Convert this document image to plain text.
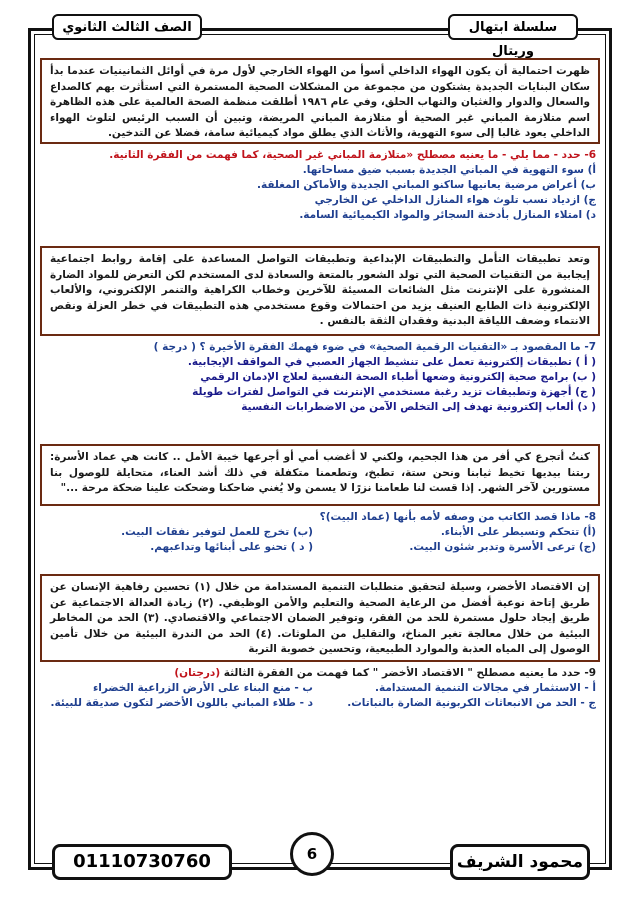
سلسلة ابتهال وريتال
الصف الثالث الثانوي

ظهرت احتمالية أن يكون الهواء الداخلي أسوأ من الهواء الخارجي لأول مرة في أوائل الثمانينيات عندما بدأ سكان البنايات الجديدة يشتكون من مجموعة من المشكلات الصحية المستمرة التي استأثرت بهم كالصداع والسعال والدوار والغثيان والتهاب الحلق، وفي عام ١٩٨٦ أطلقت منظمة الصحة العالمية على هذه الظاهرة اسم متلازمة المباني غير الصحية أو متلازمة المباني المريضة، وتبين أن السبب الرئيس لتلوث الهواء الداخلي يعود غالبا إلى سوء التهوية، والأثاث الذي يطلق مواد كيميائية سامة، فضلا عن التدخين.

6- حدد - مما يلي - ما يعنيه مصطلح «متلازمة المباني غير الصحية، كما فهمت من الفقرة الثانية.
أ) سوء التهوية في المباني الجديدة بسبب ضيق مساحاتها.
ب) أعراض مرضية يعانيها ساكنو المباني الجديدة والأماكن المغلقة.
ج) ازدياد نسب تلوث هواء المنازل الداخلي عن الخارجي
د) امتلاء المنازل بأدخنة السجائر والمواد الكيميائية السامة.

وتعد تطبيقات التأمل والتطبيقات الإبداعية وتطبيقات التواصل المساعدة على إقامة روابط اجتماعية إيجابية من التقنيات الصحية التي تولد الشعور بالمتعة والسعادة لدى المستخدم لكن التعرض للمواد الضارة المنشورة على الإنترنت مثل الشائعات المسيئة للآخرين وخطاب الكراهية والتنمر الإلكتروني، والألعاب الإلكترونية ذات الطابع العنيف يزيد من احتمالات وقوع مستخدمي هذه التطبيقات في خطر العزلة ونقص الانتماء وضعف اللياقة البدنية وفقدان الثقة بالنفس .

7- ما المقصود بـ «التقنيات الرقمية الصحية» في ضوء فهمك الفقرة الأخيرة ؟ ( درجة )
( أ ) تطبيقات إلكترونية تعمل على تنشيط الجهاز العصبي في المواقف الإيجابية.
( ب) برامج صحية إلكترونية وضعها أطباء الصحة النفسية لعلاج الإدمان الرقمي
( ج) أجهزة وتطبيقات تزيد رغبة مستخدمي الإنترنت في التواصل لفترات طويلة
( د) ألعاب إلكترونية تهدف إلى التخلص الآمن من الاضطرابات النفسية

كنتُ أتجرع كي أفر من هذا الجحيم، ولكني لا أغضب أمي أو أجرعها خيبة الأمل .. كانت هي عماد الأسرة: ربتنا بيديها تخيط ثيابنا ونحن ستة، تطبخ، وتطعمنا متكفلة في ذلك أشد العناء، متحايلة للوصول بنا مستورين لآخر الشهر. إذا قست لنا طعامنا نزرًا لا يسمن ولا يُغني ضاحكنا وضحكت علينا ضحكة مرحة ..."

8- ماذا قصد الكاتب من وصفه لأمه بأنها (عماد البيت)؟
(أ) تتحكم وتسيطر على الأبناء.
(ب) تخرج للعمل لتوفير نفقات البيت.
(ج) ترعى الأسرة وتدبر شئون البيت.
( د ) تحنو على أبنائها وتداعبهم.

إن الاقتصاد الأخضر، وسيلة لتحقيق متطلبات التنمية المستدامة من خلال (١) تحسين رفاهية الإنسان عن طريق إتاحة نوعية أفضل من الرعاية الصحية والتعليم والأمن الوظيفي. (٢) زيادة العدالة الاجتماعية عن طريق إيجاد حلول مستمرة للحد من الفقر، وتوفير الضمان الاجتماعي والاقتصادي. (٣) الحد من المخاطر البيئية من خلال معالجة تغير المناخ، والتقليل من الملوثات. (٤) الحد من الندرة البيئية من خلال تأمين الوصول إلى المياه العذبة والموارد الطبيعية، وتحسين خصوبة التربة

9- حدد ما يعنيه مصطلح " الاقتصاد الأخضر " كما فهمت من الفقرة الثالثة (درجتان)
أ - الاستثمار في مجالات التنمية المستدامة.
ب - منع البناء على الأرض الزراعية الخضراء
ج - الحد من الانبعاثات الكربونية الضارة بالنباتات.
د - طلاء المباني باللون الأخضر لتكون صديقة للبيئة.
محمود الشريف
6
01110730760
